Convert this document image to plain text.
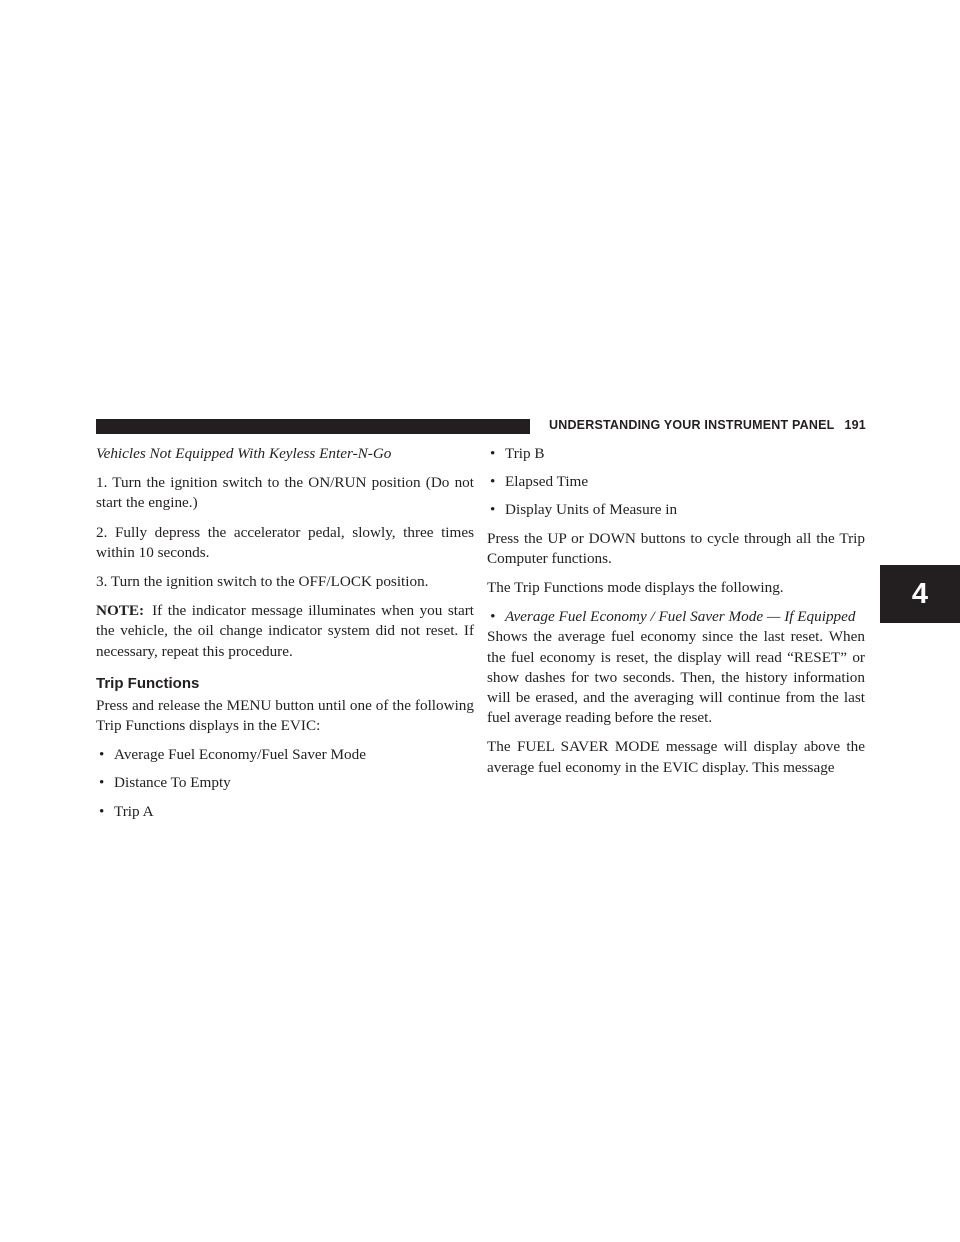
UNDERSTANDING YOUR INSTRUMENT PANEL 191
4

Vehicles Not Equipped With Keyless Enter-N-Go

1. Turn the ignition switch to the ON/RUN position (Do not start the engine.)

2. Fully depress the accelerator pedal, slowly, three times within 10 seconds.

3. Turn the ignition switch to the OFF/LOCK position.

NOTE: If the indicator message illuminates when you start the vehicle, the oil change indicator system did not reset. If necessary, repeat this procedure.

Trip Functions

Press and release the MENU button until one of the following Trip Functions displays in the EVIC:

• Average Fuel Economy/Fuel Saver Mode
• Distance To Empty
• Trip A
• Trip B
• Elapsed Time
• Display Units of Measure in

Press the UP or DOWN buttons to cycle through all the Trip Computer functions.

The Trip Functions mode displays the following.

• Average Fuel Economy / Fuel Saver Mode — If Equipped

Shows the average fuel economy since the last reset. When the fuel economy is reset, the display will read “RESET” or show dashes for two seconds. Then, the history information will be erased, and the averaging will continue from the last fuel average reading before the reset.

The FUEL SAVER MODE message will display above the average fuel economy in the EVIC display. This message
